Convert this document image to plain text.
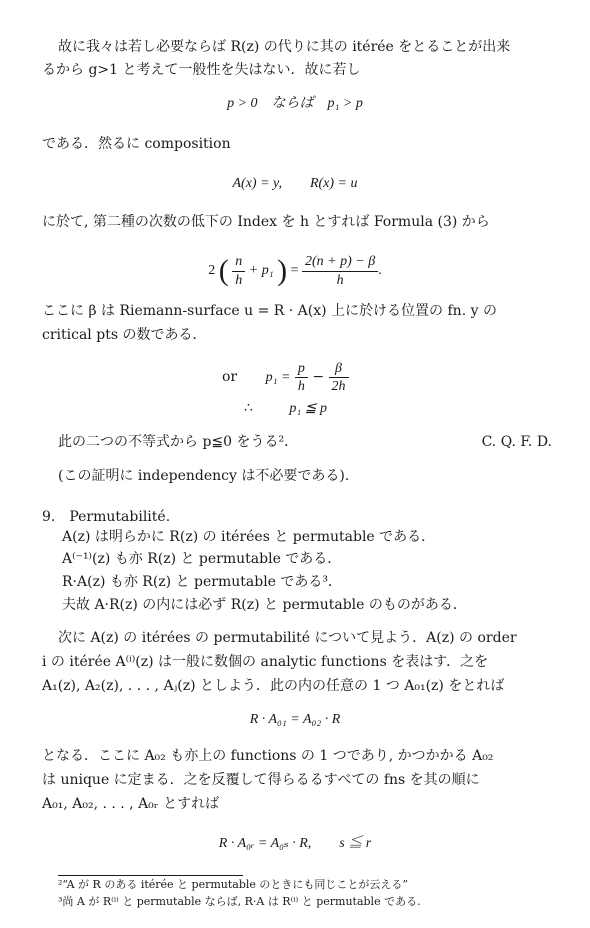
故に我々は若し必要ならば R(z) の代りに其の itérée をとることが出来
るから g>1 と考えて一般性を失はない．故に若し
p > 0　ならば　p₁ > p
である．然るに composition
A(x) = y,　　R(x) = u
に於て, 第二種の次数の低下の Index を h とすれば Formula (3) から
2 ( $\frac{n}{h} + p_1$ ) = $\frac{2(n + p) - \beta}{h}$ .
ここに β は Riemann-surface u = R · A(x) 上に於ける位置の fn. y の
critical pts の数である．
or $p_1 = \frac{p}{h} - \frac{\beta}{2h}$
∴	p₁ ≦ p
此の二つの不等式から p≦0 をうる²．	C. Q. F. D.
(この証明に independency は不必要である).
9.　Permutabilité.
A(z) は明らかに R(z) の itérées と permutable である．
A⁽⁻¹⁾(z) も亦 R(z) と permutable である．
R·A(z) も亦 R(z) と permutable である³．
夫故 A·R(z) の内には必ず R(z) と permutable のものがある．
次に A(z) の itérées の permutabilité について見よう．A(z) の order
i の itérée A⁽ⁱ⁾(z) は一般に数個の analytic functions を表はす．之を
A₁(z), A₂(z), . . . , Aⱼ(z) としよう．此の内の任意の 1 つ A₀₁(z) をとれば
R · A₀₁ = A₀₂ · R
となる．ここに A₀₂ も亦上の functions の 1 つであり, かつかかる A₀₂
は unique に定まる．之を反覆して得らるるすべての fns を其の順に
A₀₁, A₀₂, . . . , A₀ᵣ とすれば
R · A₀ᵣ = A₀ₛ · R,　　s ≦ r
²“A が R のある itérée と permutable のときにも同じことが云える”
³尚 A が R⁽ⁱ⁾ と permutable ならば, R·A は R⁽ⁱ⁾ と permutable である.
